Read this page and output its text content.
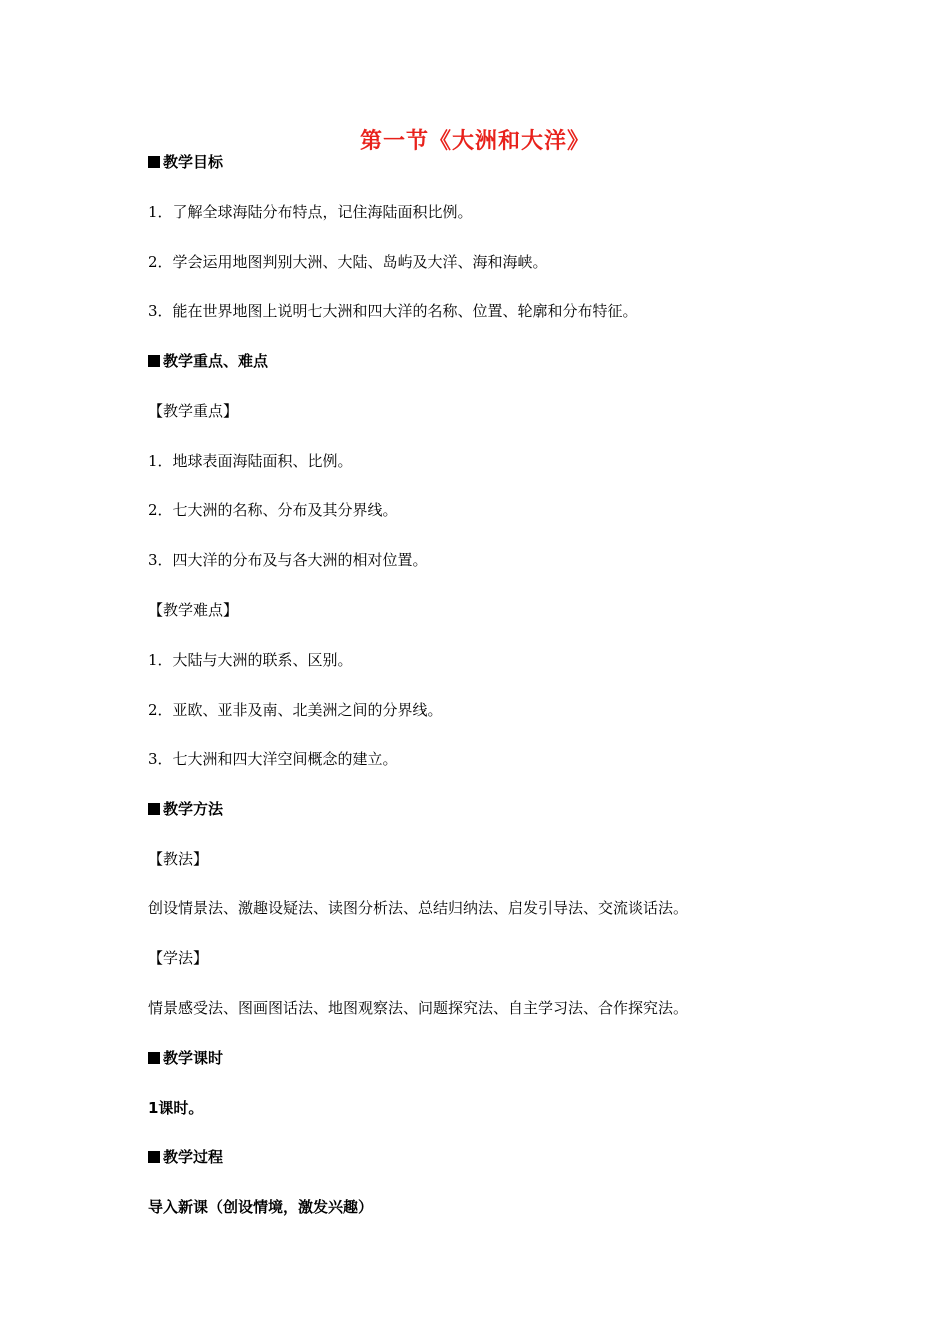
第一节《大洲和大洋》
教学目标
1．了解全球海陆分布特点，记住海陆面积比例。
2．学会运用地图判别大洲、大陆、岛屿及大洋、海和海峡。
3．能在世界地图上说明七大洲和四大洋的名称、位置、轮廓和分布特征。
教学重点、难点
【教学重点】
1．地球表面海陆面积、比例。
2．七大洲的名称、分布及其分界线。
3．四大洋的分布及与各大洲的相对位置。
【教学难点】
1．大陆与大洲的联系、区别。
2．亚欧、亚非及南、北美洲之间的分界线。
3．七大洲和四大洋空间概念的建立。
教学方法
【教法】
创设情景法、激趣设疑法、读图分析法、总结归纳法、启发引导法、交流谈话法。
【学法】
情景感受法、图画图话法、地图观察法、问题探究法、自主学习法、合作探究法。
教学课时
1课时。
教学过程
导入新课（创设情境，激发兴趣）
